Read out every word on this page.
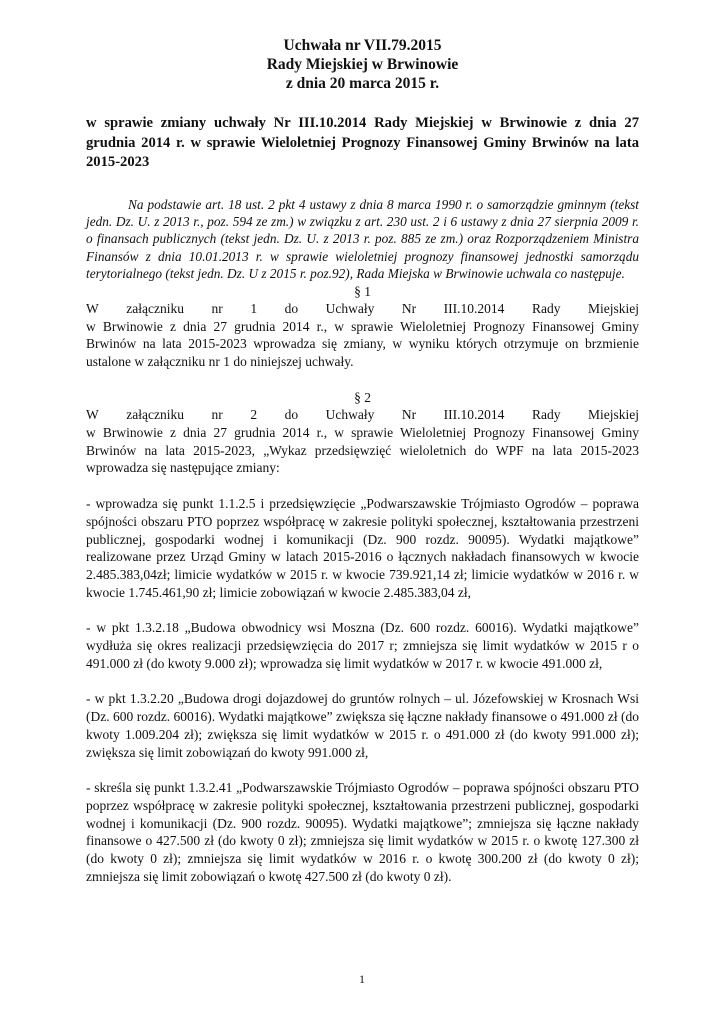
Uchwała nr VII.79.2015
Rady Miejskiej w Brwinowie
z dnia 20 marca 2015 r.
w sprawie zmiany uchwały Nr III.10.2014 Rady Miejskiej w Brwinowie z dnia 27 grudnia 2014 r. w sprawie Wieloletniej Prognozy Finansowej Gminy Brwinów na lata 2015-2023
Na podstawie art. 18 ust. 2 pkt 4 ustawy z dnia 8 marca 1990 r. o samorządzie gminnym (tekst jedn. Dz. U. z 2013 r., poz. 594 ze zm.) w związku z art. 230 ust. 2 i 6 ustawy z dnia 27 sierpnia 2009 r. o finansach publicznych (tekst jedn. Dz. U. z 2013 r. poz. 885 ze zm.) oraz Rozporządzeniem Ministra Finansów z dnia 10.01.2013 r. w sprawie wieloletniej prognozy finansowej jednostki samorządu terytorialnego (tekst jedn. Dz. U z 2015 r. poz.92), Rada Miejska w Brwinowie uchwala co następuje.
§ 1
W załączniku nr 1 do Uchwały Nr III.10.2014 Rady Miejskiej
w Brwinowie z dnia 27 grudnia 2014 r., w sprawie Wieloletniej Prognozy Finansowej Gminy Brwinów na lata 2015-2023 wprowadza się zmiany, w wyniku których otrzymuje on brzmienie ustalone w załączniku nr 1 do niniejszej uchwały.
§ 2
W załączniku nr 2 do Uchwały Nr III.10.2014 Rady Miejskiej
w Brwinowie z dnia 27 grudnia 2014 r., w sprawie Wieloletniej Prognozy Finansowej Gminy Brwinów na lata 2015-2023, „Wykaz przedsięwzięć wieloletnich do WPF na lata 2015-2023 wprowadza się następujące zmiany:
- wprowadza się punkt 1.1.2.5 i przedsięwzięcie „Podwarszawskie Trójmiasto Ogrodów – poprawa spójności obszaru PTO poprzez współpracę w zakresie polityki społecznej, kształtowania przestrzeni publicznej, gospodarki wodnej i komunikacji (Dz. 900 rozdz. 90095). Wydatki majątkowe” realizowane przez Urząd Gminy w latach 2015-2016 o łącznych nakładach finansowych w kwocie 2.485.383,04zł; limicie wydatków w 2015 r. w kwocie 739.921,14 zł; limicie wydatków w 2016 r. w kwocie 1.745.461,90 zł; limicie zobowiązań w kwocie 2.485.383,04 zł,
- w pkt 1.3.2.18 „Budowa obwodnicy wsi Moszna (Dz. 600 rozdz. 60016). Wydatki majątkowe” wydłuża się okres realizacji przedsięwzięcia do 2017 r; zmniejsza się limit wydatków w 2015 r o 491.000 zł (do kwoty 9.000 zł); wprowadza się limit wydatków w 2017 r. w kwocie 491.000 zł,
- w pkt 1.3.2.20 „Budowa drogi dojazdowej do gruntów rolnych – ul. Józefowskiej w Krosnach Wsi (Dz. 600 rozdz. 60016). Wydatki majątkowe” zwiększa się łączne nakłady finansowe o 491.000 zł (do kwoty 1.009.204 zł); zwiększa się limit wydatków w 2015 r. o 491.000 zł (do kwoty 991.000 zł); zwiększa się limit zobowiązań do kwoty 991.000 zł,
- skreśla się punkt 1.3.2.41 „Podwarszawskie Trójmiasto Ogrodów – poprawa spójności obszaru PTO poprzez współpracę w zakresie polityki społecznej, kształtowania przestrzeni publicznej, gospodarki wodnej i komunikacji (Dz. 900 rozdz. 90095). Wydatki majątkowe”; zmniejsza się łączne nakłady finansowe o 427.500 zł (do kwoty 0 zł); zmniejsza się limit wydatków w 2015 r. o kwotę 127.300 zł (do kwoty 0 zł); zmniejsza się limit wydatków w 2016 r. o kwotę 300.200 zł (do kwoty 0 zł); zmniejsza się limit zobowiązań o kwotę 427.500 zł (do kwoty 0 zł).
1
